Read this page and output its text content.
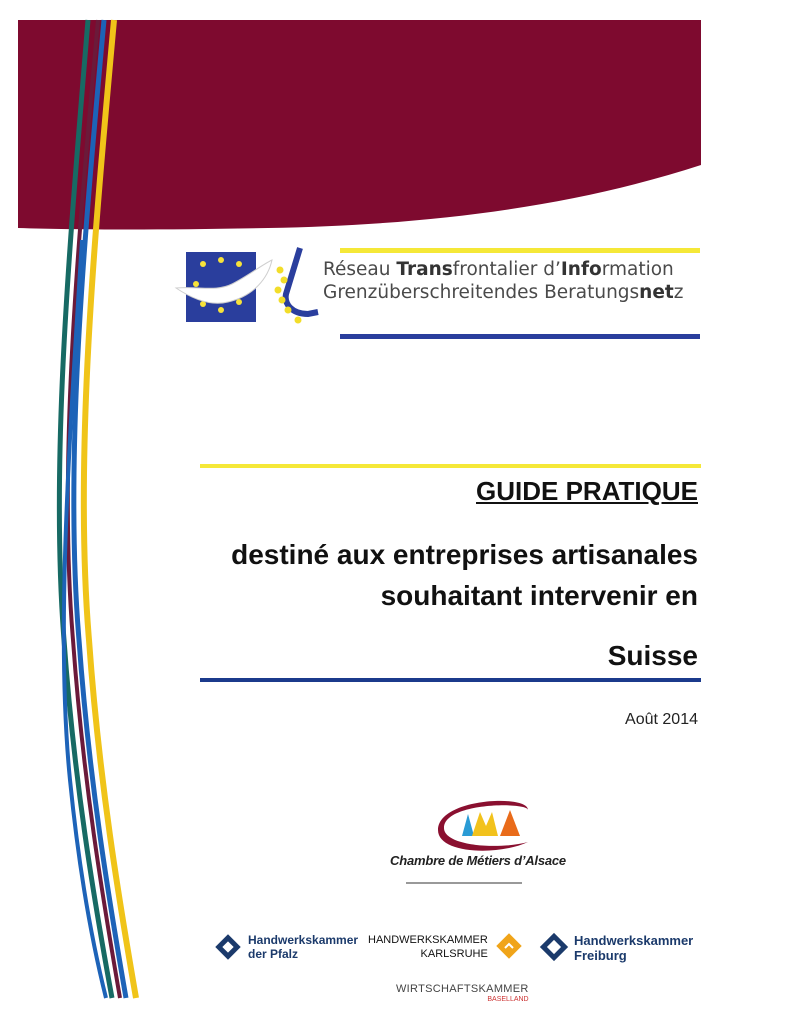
Réseau Transfrontalier d’Information
Grenzüberschreitendes Beratungsnetz
GUIDE PRATIQUE
destiné aux entreprises artisanales
souhaitant intervenir en
Suisse
Août 2014
Chambre de Métiers d’Alsace
Handwerkskammer
der Pfalz
HANDWERKSKAMMER
KARLSRUHE
Handwerkskammer
Freiburg
WIRTSCHAFTSKAMMER
BASELLAND
